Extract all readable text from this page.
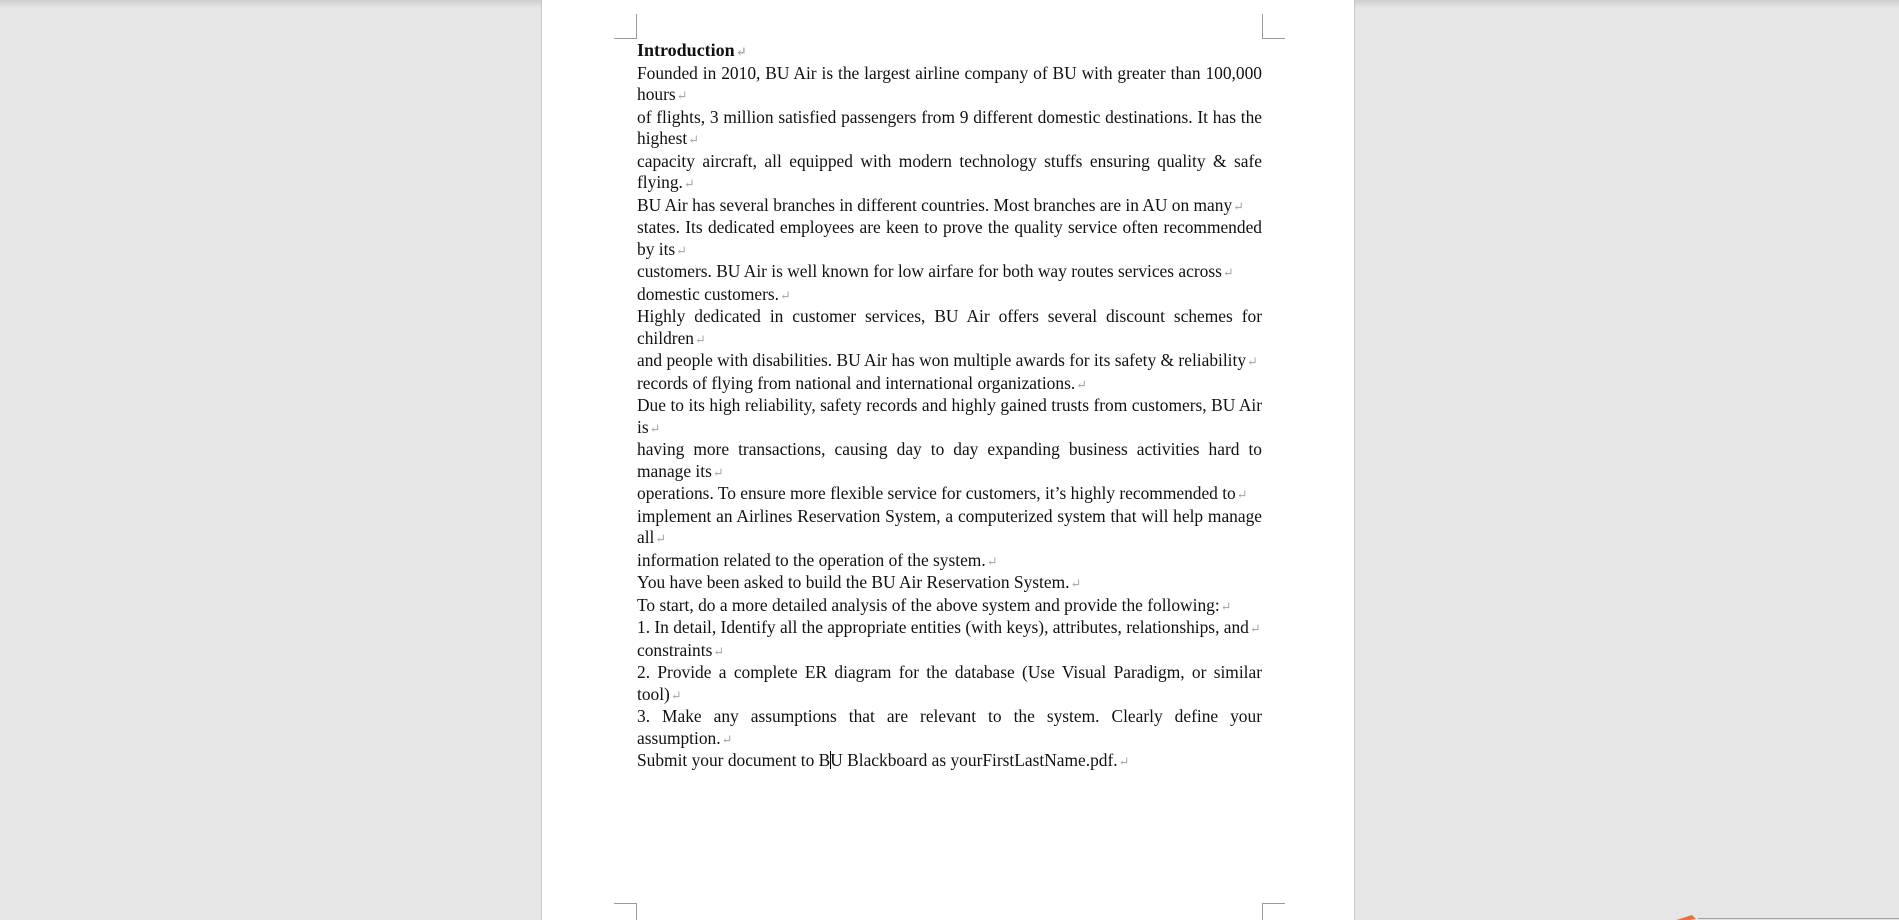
Introduction↵

Founded in 2010, BU Air is the largest airline company of BU with greater than 100,000 hours↵

of flights, 3 million satisfied passengers from 9 different domestic destinations. It has the highest↵

capacity aircraft, all equipped with modern technology stuffs ensuring quality & safe flying.↵

BU Air has several branches in different countries. Most branches are in AU on many↵

states. Its dedicated employees are keen to prove the quality service often recommended by its↵

customers. BU Air is well known for low airfare for both way routes services across↵

domestic customers.↵

Highly dedicated in customer services, BU Air offers several discount schemes for children↵

and people with disabilities. BU Air has won multiple awards for its safety & reliability↵

records of flying from national and international organizations.↵

Due to its high reliability, safety records and highly gained trusts from customers, BU Air is↵

having more transactions, causing day to day expanding business activities hard to manage its↵

operations. To ensure more flexible service for customers, it’s highly recommended to↵

implement an Airlines Reservation System, a computerized system that will help manage all↵

information related to the operation of the system.↵

You have been asked to build the BU Air Reservation System.↵

To start, do a more detailed analysis of the above system and provide the following:↵

1. In detail, Identify all the appropriate entities (with keys), attributes, relationships, and↵

constraints↵

2. Provide a complete ER diagram for the database (Use Visual Paradigm, or similar tool)↵

3. Make any assumptions that are relevant to the system. Clearly define your assumption.↵

Submit your document to BU Blackboard as yourFirstLastName.pdf.↵
